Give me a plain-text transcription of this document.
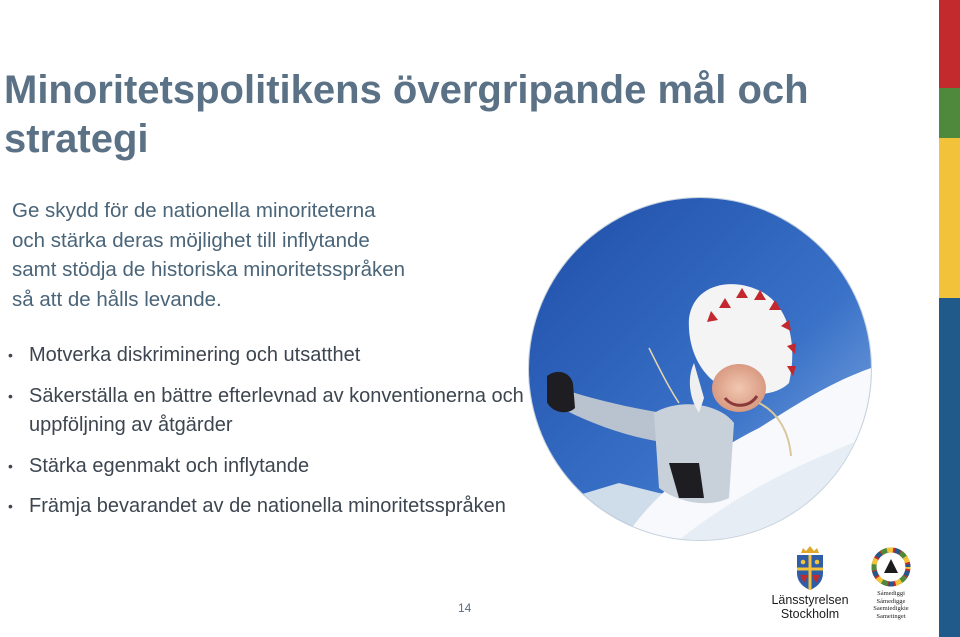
Minoritetspolitikens övergripande mål och strategi

Ge skydd för de nationella minoriteterna
och stärka deras möjlighet till inflytande
samt stödja de historiska minoritetsspråken
så att de hålls levande.

• Motverka diskriminering och utsatthet
• Säkerställa en bättre efterlevnad av konventionerna och uppföljning av åtgärder
• Stärka egenmakt och inflytande
• Främja bevarandet av de nationella minoritetsspråken
14
Länsstyrelsen
Stockholm
Sámediggi
Sámedigge
Saemiedigkie
Sametinget
